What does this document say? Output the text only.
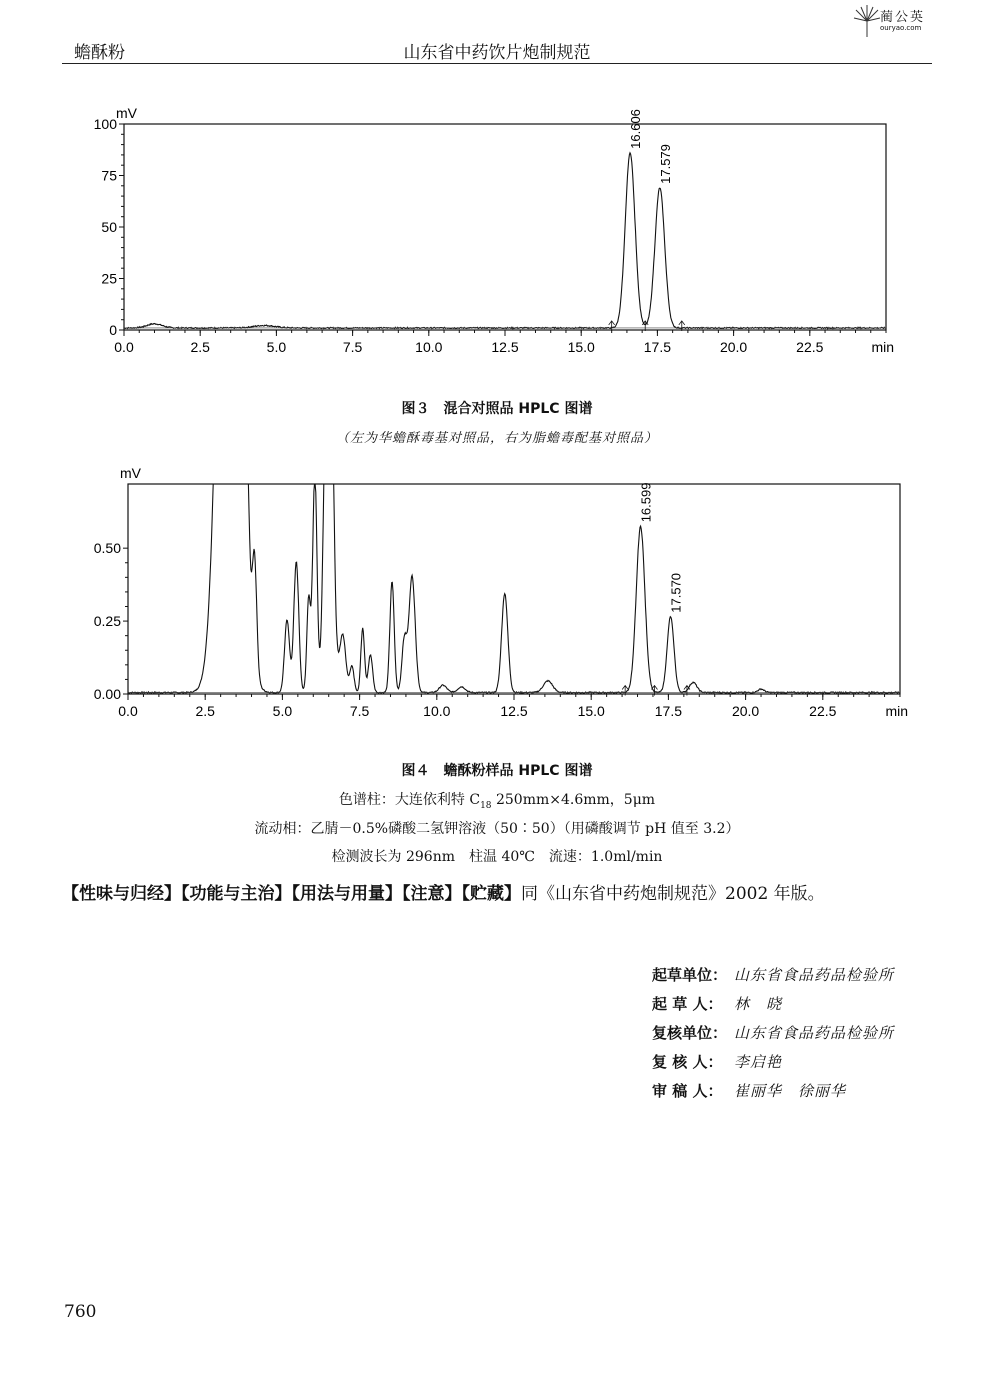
蟾酥粉	山东省中药饮片炮制规范
蔺公英
ouryao.com
0
25
50
75
100
0.0	2.5	5.0	7.5	10.0	12.5	15.0	17.5	20.0	22.5
mV
min
16.606
17.579
图３　混合对照品 HPLC 图谱
（左为华蟾酥毒基对照品，右为脂蟾毒配基对照品）
0.00
0.25
0.50
0.0	2.5	5.0	7.5	10.0	12.5	15.0	17.5	20.0	22.5
mV
min
16.599
17.570
图４　蟾酥粉样品 HPLC 图谱
色谱柱：大连依利特 $C_{18}$ 250mm×4.6mm，5μm
流动相：乙腈－0.5%磷酸二氢钾溶液（50∶50）（用磷酸调节 pH 值至 3.2）
检测波长为 296nm　柱温 40℃　流速：1.0ml/min
【性味与归经】【功能与主治】【用法与用量】【注意】【贮藏】同《山东省中药炮制规范》2002 年版。
起草单位： 山东省食品药品检验所
起 草 人： 林　晓
复核单位： 山东省食品药品检验所
复 核 人： 李启艳
审 稿 人： 崔丽华　徐丽华
760
